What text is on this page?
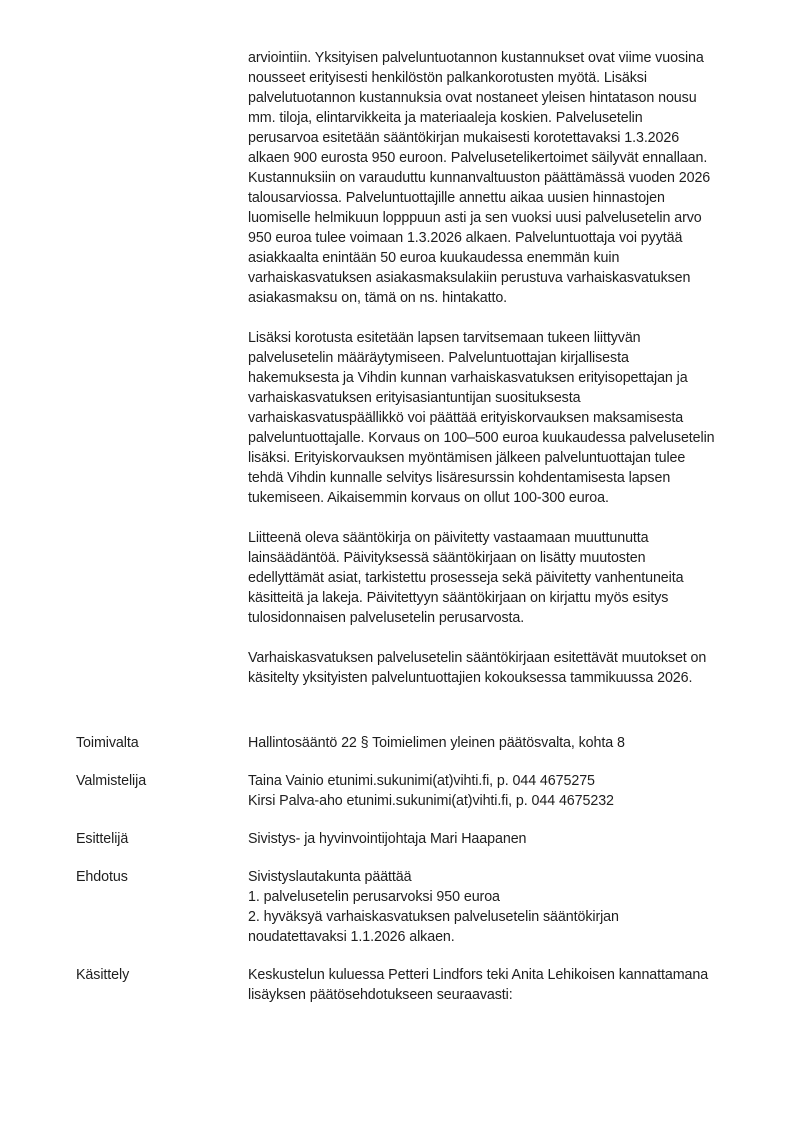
arviointiin. Yksityisen palveluntuotannon kustannukset ovat viime vuosina
nousseet erityisesti henkilöstön palkankorotusten myötä. Lisäksi
palvelutuotannon kustannuksia ovat nostaneet yleisen hintatason nousu
mm. tiloja, elintarvikkeita ja materiaaleja koskien. Palvelusetelin
perusarvoa esitetään sääntökirjan mukaisesti korotettavaksi 1.3.2026
alkaen 900 eurosta 950 euroon. Palvelusetelikertoimet säilyvät ennallaan.
Kustannuksiin on varauduttu kunnanvaltuuston päättämässä vuoden 2026
talousarviossa. Palveluntuottajille annettu aikaa uusien hinnastojen
luomiselle helmikuun lopppuun asti ja sen vuoksi uusi palvelusetelin arvo
950 euroa tulee voimaan 1.3.2026 alkaen. Palveluntuottaja voi pyytää
asiakkaalta enintään 50 euroa kuukaudessa enemmän kuin
varhaiskasvatuksen asiakasmaksulakiin perustuva varhaiskasvatuksen
asiakasmaksu on, tämä on ns. hintakatto.
Lisäksi korotusta esitetään lapsen tarvitsemaan tukeen liittyvän
palvelusetelin määräytymiseen. Palveluntuottajan kirjallisesta
hakemuksesta ja Vihdin kunnan varhaiskasvatuksen erityisopettajan ja
varhaiskasvatuksen erityisasiantuntijan suosituksesta
varhaiskasvatuspäällikkö voi päättää erityiskorvauksen maksamisesta
palveluntuottajalle. Korvaus on 100–500 euroa kuukaudessa palvelusetelin
lisäksi. Erityiskorvauksen myöntämisen jälkeen palveluntuottajan tulee
tehdä Vihdin kunnalle selvitys lisäresurssin kohdentamisesta lapsen
tukemiseen. Aikaisemmin korvaus on ollut 100-300 euroa.
Liitteenä oleva sääntökirja on päivitetty vastaamaan muuttunutta
lainsäädäntöä. Päivityksessä sääntökirjaan on lisätty muutosten
edellyttämät asiat, tarkistettu prosesseja sekä päivitetty vanhentuneita
käsitteitä ja lakeja. Päivitettyyn sääntökirjaan on kirjattu myös esitys
tulosidonnaisen palvelusetelin perusarvosta.
Varhaiskasvatuksen palvelusetelin sääntökirjaan esitettävät muutokset on
käsitelty yksityisten palveluntuottajien kokouksessa tammikuussa 2026.
Toimivalta	Hallintosääntö 22 § Toimielimen yleinen päätösvalta, kohta 8
Valmistelija	Taina Vainio etunimi.sukunimi(at)vihti.fi, p. 044 4675275
Kirsi Palva-aho etunimi.sukunimi(at)vihti.fi, p. 044 4675232
Esittelijä	Sivistys- ja hyvinvointijohtaja Mari Haapanen
Ehdotus	Sivistyslautakunta päättää
1. palvelusetelin perusarvoksi 950 euroa
2. hyväksyä varhaiskasvatuksen palvelusetelin sääntökirjan
noudatettavaksi 1.1.2026 alkaen.
Käsittely	Keskustelun kuluessa Petteri Lindfors teki Anita Lehikoisen kannattamana
lisäyksen päätösehdotukseen seuraavasti:
